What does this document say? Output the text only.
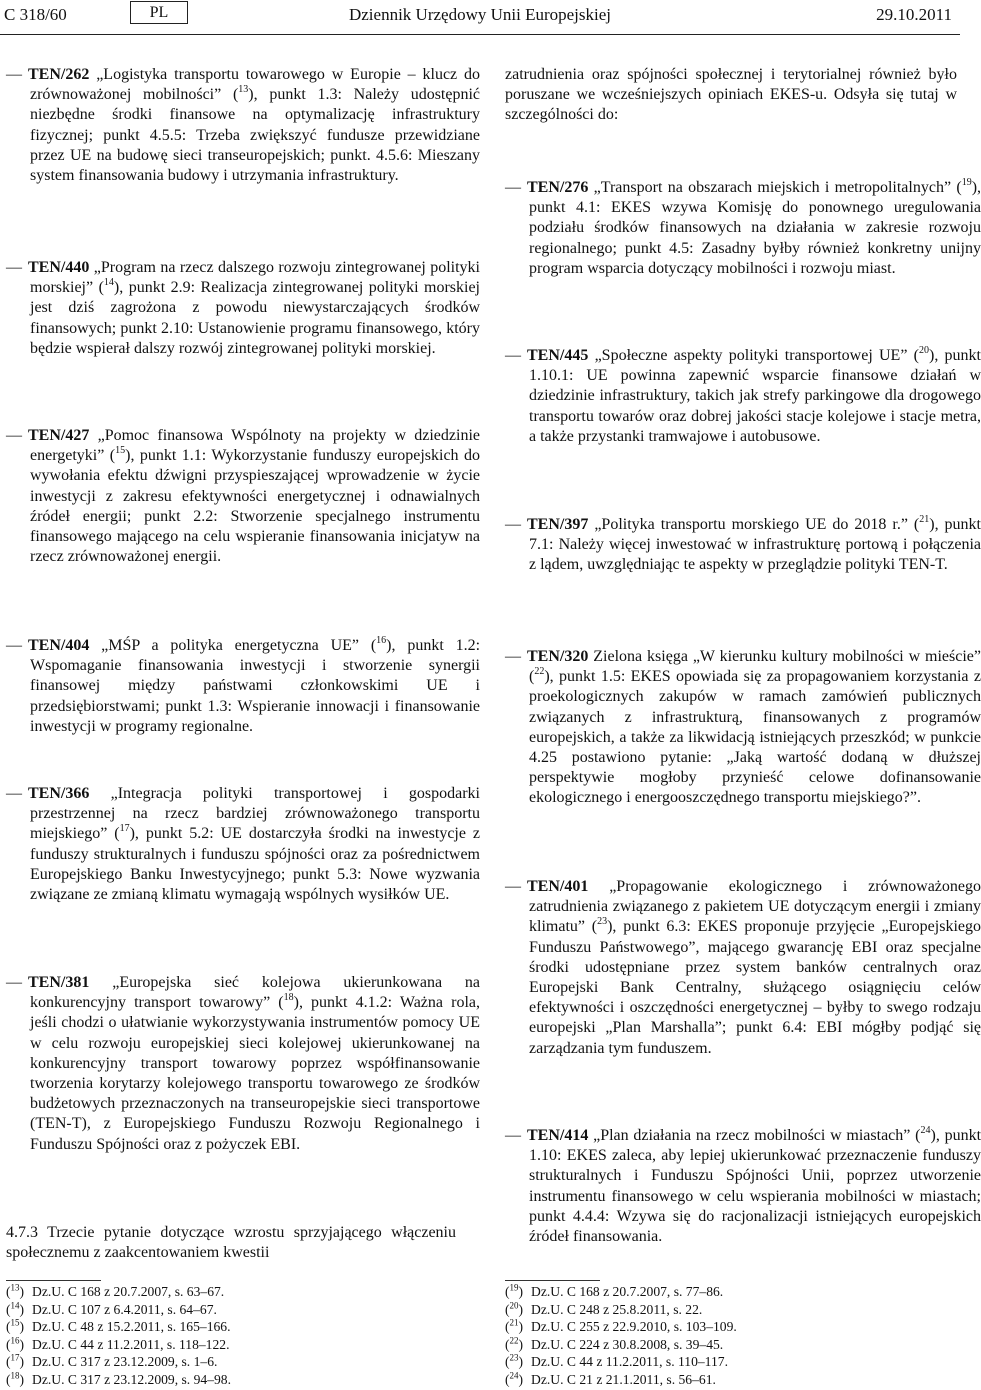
C 318/60	PL	Dziennik Urzędowy Unii Europejskiej	29.10.2011
— TEN/262 „Logistyka transportu towarowego w Europie – klucz do zrównoważonej mobilności” ($^{13}$), punkt 1.3: Należy udostępnić niezbędne środki finansowe na optymalizację infrastruktury fizycznej; punkt 4.5.5: Trzeba zwiększyć fundusze przewidziane przez UE na budowę sieci transeuropejskich; punkt. 4.5.6: Mieszany system finansowania budowy i utrzymania infrastruktury.
— TEN/440 „Program na rzecz dalszego rozwoju zintegrowanej polityki morskiej” ($^{14}$), punkt 2.9: Realizacja zintegrowanej polityki morskiej jest dziś zagrożona z powodu niewystarczających środków finansowych; punkt 2.10: Ustanowienie programu finansowego, który będzie wspierał dalszy rozwój zintegrowanej polityki morskiej.
— TEN/427 „Pomoc finansowa Wspólnoty na projekty w dziedzinie energetyki” ($^{15}$), punkt 1.1: Wykorzystanie funduszy europejskich do wywołania efektu dźwigni przyspieszającej wprowadzenie w życie inwestycji z zakresu efektywności energetycznej i odnawialnych źródeł energii; punkt 2.2: Stworzenie specjalnego instrumentu finansowego mającego na celu wspieranie finansowania inicjatyw na rzecz zrównoważonej energii.
— TEN/404 „MŚP a polityka energetyczna UE” ($^{16}$), punkt 1.2: Wspomaganie finansowania inwestycji i stworzenie synergii finansowej między państwami członkowskimi UE i przedsiębiorstwami; punkt 1.3: Wspieranie innowacji i finansowanie inwestycji w programy regionalne.
— TEN/366 „Integracja polityki transportowej i gospodarki przestrzennej na rzecz bardziej zrównoważonego transportu miejskiego” ($^{17}$), punkt 5.2: UE dostarczyła środki na inwestycje z funduszy strukturalnych i funduszu spójności oraz za pośrednictwem Europejskiego Banku Inwestycyjnego; punkt 5.3: Nowe wyzwania związane ze zmianą klimatu wymagają wspólnych wysiłków UE.
— TEN/381 „Europejska sieć kolejowa ukierunkowana na konkurencyjny transport towarowy” ($^{18}$), punkt 4.1.2: Ważna rola, jeśli chodzi o ułatwianie wykorzystywania instrumentów pomocy UE w celu rozwoju europejskiej sieci kolejowej ukierunkowanej na konkurencyjny transport towarowy poprzez współfinansowanie tworzenia korytarzy kolejowego transportu towarowego ze środków budżetowych przeznaczonych na transeuropejskie sieci transportowe (TEN-T), z Europejskiego Funduszu Rozwoju Regionalnego i Funduszu Spójności oraz z pożyczek EBI.
4.7.3 Trzecie pytanie dotyczące wzrostu sprzyjającego włączeniu społecznemu z zaakcentowaniem kwestii
zatrudnienia oraz spójności społecznej i terytorialnej również było poruszane we wcześniejszych opiniach EKES-u. Odsyła się tutaj w szczególności do:
— TEN/276 „Transport na obszarach miejskich i metropolitalnych” ($^{19}$), punkt 4.1: EKES wzywa Komisję do ponownego uregulowania podziału środków finansowych na działania w zakresie rozwoju regionalnego; punkt 4.5: Zasadny byłby również konkretny unijny program wsparcia dotyczący mobilności i rozwoju miast.
— TEN/445 „Społeczne aspekty polityki transportowej UE” ($^{20}$), punkt 1.10.1: UE powinna zapewnić wsparcie finansowe działań w dziedzinie infrastruktury, takich jak strefy parkingowe dla drogowego transportu towarów oraz dobrej jakości stacje kolejowe i stacje metra, a także przystanki tramwajowe i autobusowe.
— TEN/397 „Polityka transportu morskiego UE do 2018 r.” ($^{21}$), punkt 7.1: Należy więcej inwestować w infrastrukturę portową i połączenia z lądem, uwzględniając te aspekty w przeglądzie polityki TEN-T.
— TEN/320 Zielona księga „W kierunku kultury mobilności w mieście” ($^{22}$), punkt 1.5: EKES opowiada się za propagowaniem korzystania z proekologicznych zakupów w ramach zamówień publicznych związanych z infrastrukturą, finansowanych z programów europejskich, a także za likwidacją istniejących przeszkód; w punkcie 4.25 postawiono pytanie: „Jaką wartość dodaną w dłuższej perspektywie mogłoby przynieść celowe dofinansowanie ekologicznego i energooszczędnego transportu miejskiego?”.
— TEN/401 „Propagowanie ekologicznego i zrównoważonego zatrudnienia związanego z pakietem UE dotyczącym energii i zmiany klimatu” ($^{23}$), punkt 6.3: EKES proponuje przyjęcie „Europejskiego Funduszu Państwowego”, mającego gwarancję EBI oraz specjalne środki udostępniane przez system banków centralnych oraz Europejski Bank Centralny, służącego osiągnięciu celów efektywności i oszczędności energetycznej – byłby to swego rodzaju europejski „Plan Marshalla”; punkt 6.4: EBI mógłby podjąć się zarządzania tym funduszem.
— TEN/414 „Plan działania na rzecz mobilności w miastach” ($^{24}$), punkt 1.10: EKES zaleca, aby lepiej ukierunkować przeznaczenie funduszy strukturalnych i Funduszu Spójności Unii, poprzez utworzenie instrumentu finansowego w celu wspierania mobilności w miastach; punkt 4.4.4: Wzywa się do racjonalizacji istniejących europejskich źródeł finansowania.
($^{13}$) Dz.U. C 168 z 20.7.2007, s. 63–67.
($^{14}$) Dz.U. C 107 z 6.4.2011, s. 64–67.
($^{15}$) Dz.U. C 48 z 15.2.2011, s. 165–166.
($^{16}$) Dz.U. C 44 z 11.2.2011, s. 118–122.
($^{17}$) Dz.U. C 317 z 23.12.2009, s. 1–6.
($^{18}$) Dz.U. C 317 z 23.12.2009, s. 94–98.
($^{19}$) Dz.U. C 168 z 20.7.2007, s. 77–86.
($^{20}$) Dz.U. C 248 z 25.8.2011, s. 22.
($^{21}$) Dz.U. C 255 z 22.9.2010, s. 103–109.
($^{22}$) Dz.U. C 224 z 30.8.2008, s. 39–45.
($^{23}$) Dz.U. C 44 z 11.2.2011, s. 110–117.
($^{24}$) Dz.U. C 21 z 21.1.2011, s. 56–61.
